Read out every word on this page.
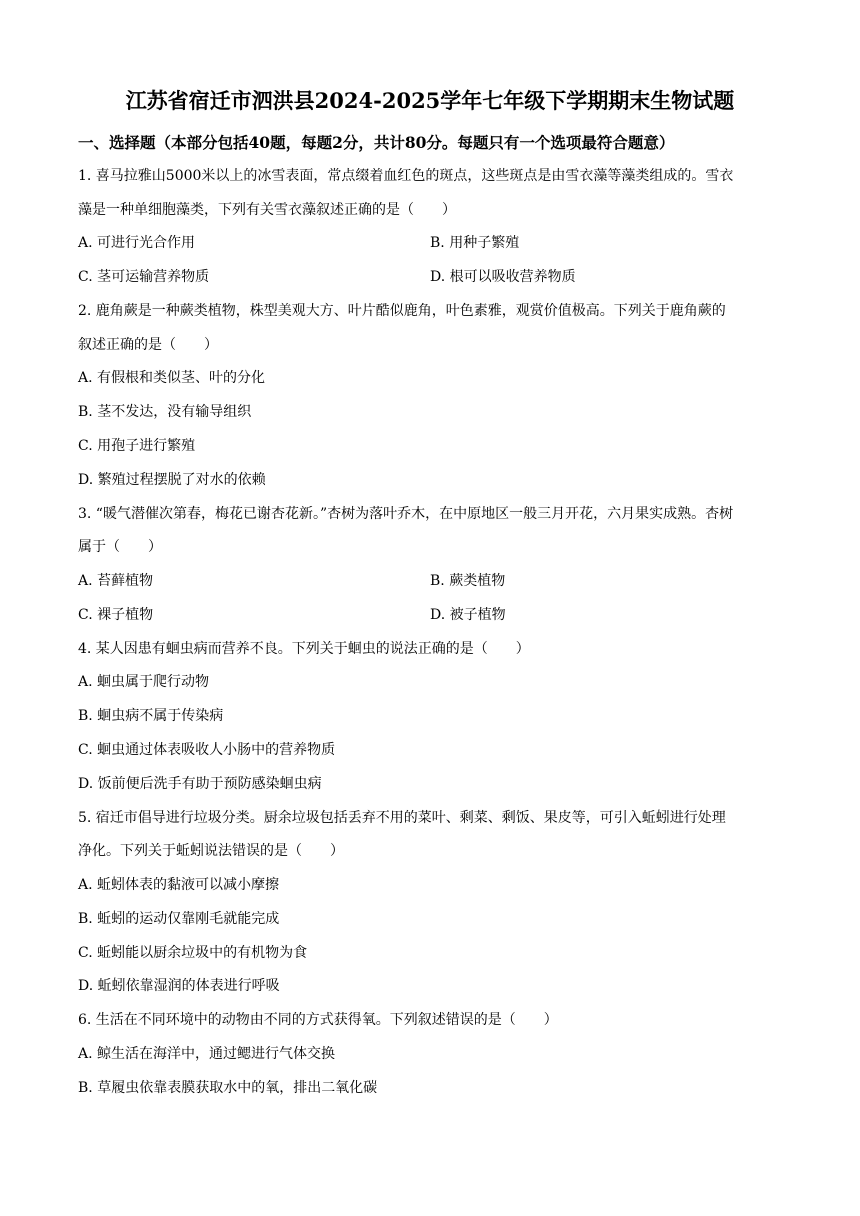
江苏省宿迁市泗洪县2024-2025学年七年级下学期期末生物试题
一、选择题（本部分包括40题，每题2分，共计80分。每题只有一个选项最符合题意）
1. 喜马拉雅山5000米以上的冰雪表面，常点缀着血红色的斑点，这些斑点是由雪衣藻等藻类组成的。雪衣
藻是一种单细胞藻类，下列有关雪衣藻叙述正确的是（　　）
A. 可进行光合作用	B. 用种子繁殖
C. 茎可运输营养物质	D. 根可以吸收营养物质
2. 鹿角蕨是一种蕨类植物，株型美观大方、叶片酷似鹿角，叶色素雅，观赏价值极高。下列关于鹿角蕨的
叙述正确的是（　　）
A. 有假根和类似茎、叶的分化
B. 茎不发达，没有输导组织
C. 用孢子进行繁殖
D. 繁殖过程摆脱了对水的依赖
3. “暖气潜催次第春，梅花已谢杏花新。”杏树为落叶乔木，在中原地区一般三月开花，六月果实成熟。杏树
属于（　　）
A. 苔藓植物	B. 蕨类植物
C. 裸子植物	D. 被子植物
4. 某人因患有蛔虫病而营养不良。下列关于蛔虫的说法正确的是（　　）
A. 蛔虫属于爬行动物
B. 蛔虫病不属于传染病
C. 蛔虫通过体表吸收人小肠中的营养物质
D. 饭前便后洗手有助于预防感染蛔虫病
5. 宿迁市倡导进行垃圾分类。厨余垃圾包括丢弃不用的菜叶、剩菜、剩饭、果皮等，可引入蚯蚓进行处理
净化。下列关于蚯蚓说法错误的是（　　）
A. 蚯蚓体表的黏液可以减小摩擦
B. 蚯蚓的运动仅靠刚毛就能完成
C. 蚯蚓能以厨余垃圾中的有机物为食
D. 蚯蚓依靠湿润的体表进行呼吸
6. 生活在不同环境中的动物由不同的方式获得氧。下列叙述错误的是（　　）
A. 鲸生活在海洋中，通过鳃进行气体交换
B. 草履虫依靠表膜获取水中的氧，排出二氧化碳
